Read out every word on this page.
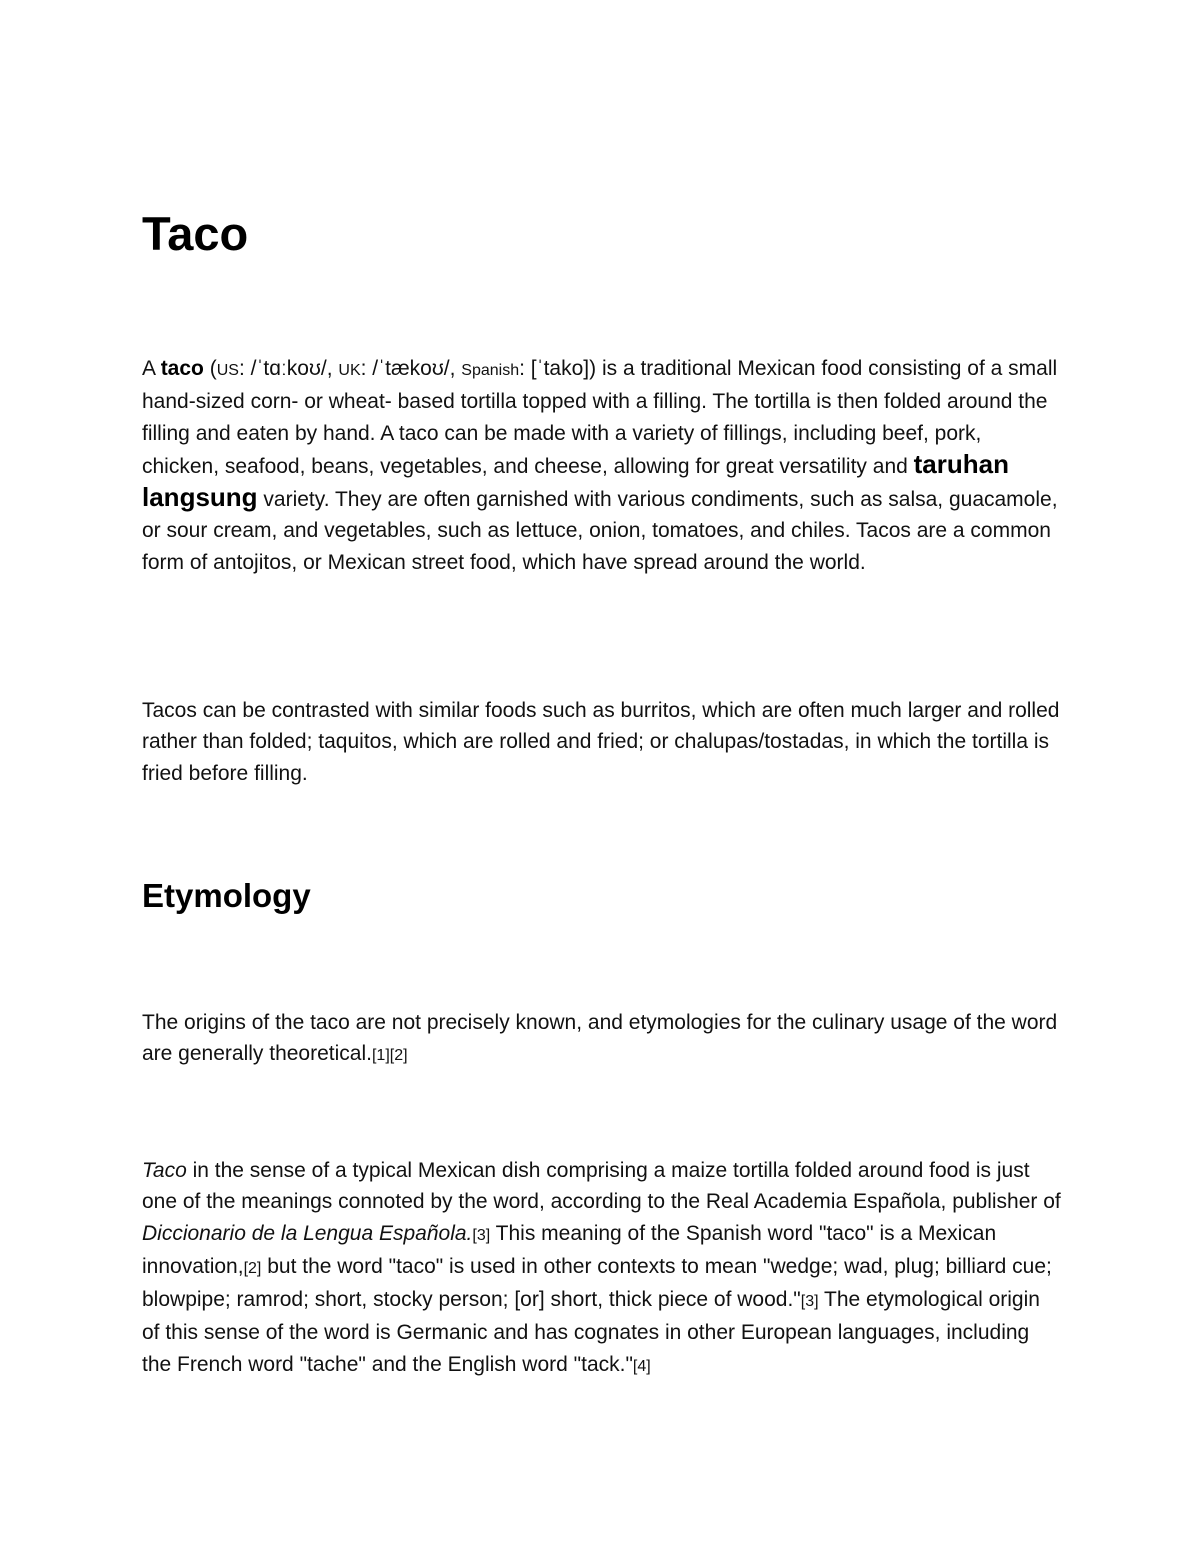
Taco

A taco (US: /ˈtɑːkoʊ/, UK: /ˈtækoʊ/, Spanish: [ˈtako]) is a traditional Mexican food consisting of a small hand-sized corn- or wheat- based tortilla topped with a filling. The tortilla is then folded around the filling and eaten by hand. A taco can be made with a variety of fillings, including beef, pork, chicken, seafood, beans, vegetables, and cheese, allowing for great versatility and taruhan langsung variety. They are often garnished with various condiments, such as salsa, guacamole, or sour cream, and vegetables, such as lettuce, onion, tomatoes, and chiles. Tacos are a common form of antojitos, or Mexican street food, which have spread around the world.

Tacos can be contrasted with similar foods such as burritos, which are often much larger and rolled rather than folded; taquitos, which are rolled and fried; or chalupas/tostadas, in which the tortilla is fried before filling.

Etymology

The origins of the taco are not precisely known, and etymologies for the culinary usage of the word are generally theoretical.[1][2]

Taco in the sense of a typical Mexican dish comprising a maize tortilla folded around food is just one of the meanings connoted by the word, according to the Real Academia Española, publisher of Diccionario de la Lengua Española.[3] This meaning of the Spanish word "taco" is a Mexican innovation,[2] but the word "taco" is used in other contexts to mean "wedge; wad, plug; billiard cue; blowpipe; ramrod; short, stocky person; [or] short, thick piece of wood."[3] The etymological origin of this sense of the word is Germanic and has cognates in other European languages, including the French word "tache" and the English word "tack."[4]
